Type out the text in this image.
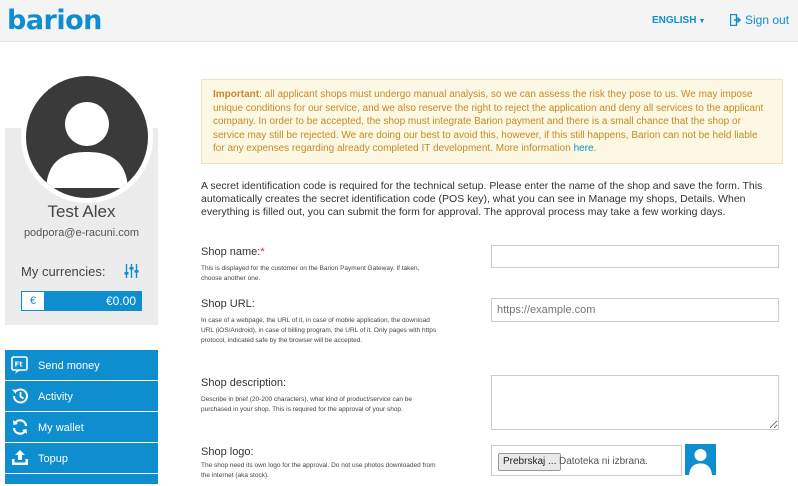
barion	ENGLISH ▼	Sign out
Test Alex
podpora@e-racuni.com
My currencies:
€	€0.00
Ft Send money
Activity
My wallet
Topup
Important: all applicant shops must undergo manual analysis, so we can assess the risk they pose to us. We may impose unique conditions for our service, and we also reserve the right to reject the application and deny all services to the applicant company. In order to be accepted, the shop must integrate Barion payment and there is a small chance that the shop or service may still be rejected. We are doing our best to avoid this, however, if this still happens, Barion can not be held liable for any expenses regarding already completed IT development. More information here.
A secret identification code is required for the technical setup. Please enter the name of the shop and save the form. This automatically creates the secret identification code (POS key), what you can see in Manage my shops, Details. When everything is filled out, you can submit the form for approval. The approval process may take a few working days.
Shop name:*
This is displayed for the customer on the Barion Payment Gateway. If taken, choose another one.
Shop URL:
In case of a webpage, the URL of it, in case of mobile application, the download URL (iOS/Android), in case of billing program, the URL of it. Only pages with https protocol, indicated safe by the browser will be accepted.
https://example.com
Shop description:
Describe in brief (20-200 characters), what kind of product/service can be purchased in your shop. This is required for the approval of your shop.
Shop logo:
The shop need its own logo for the approval. Do not use photos downloaded from the internet (aka stock).
Prebrskaj ... Datoteka ni izbrana.
